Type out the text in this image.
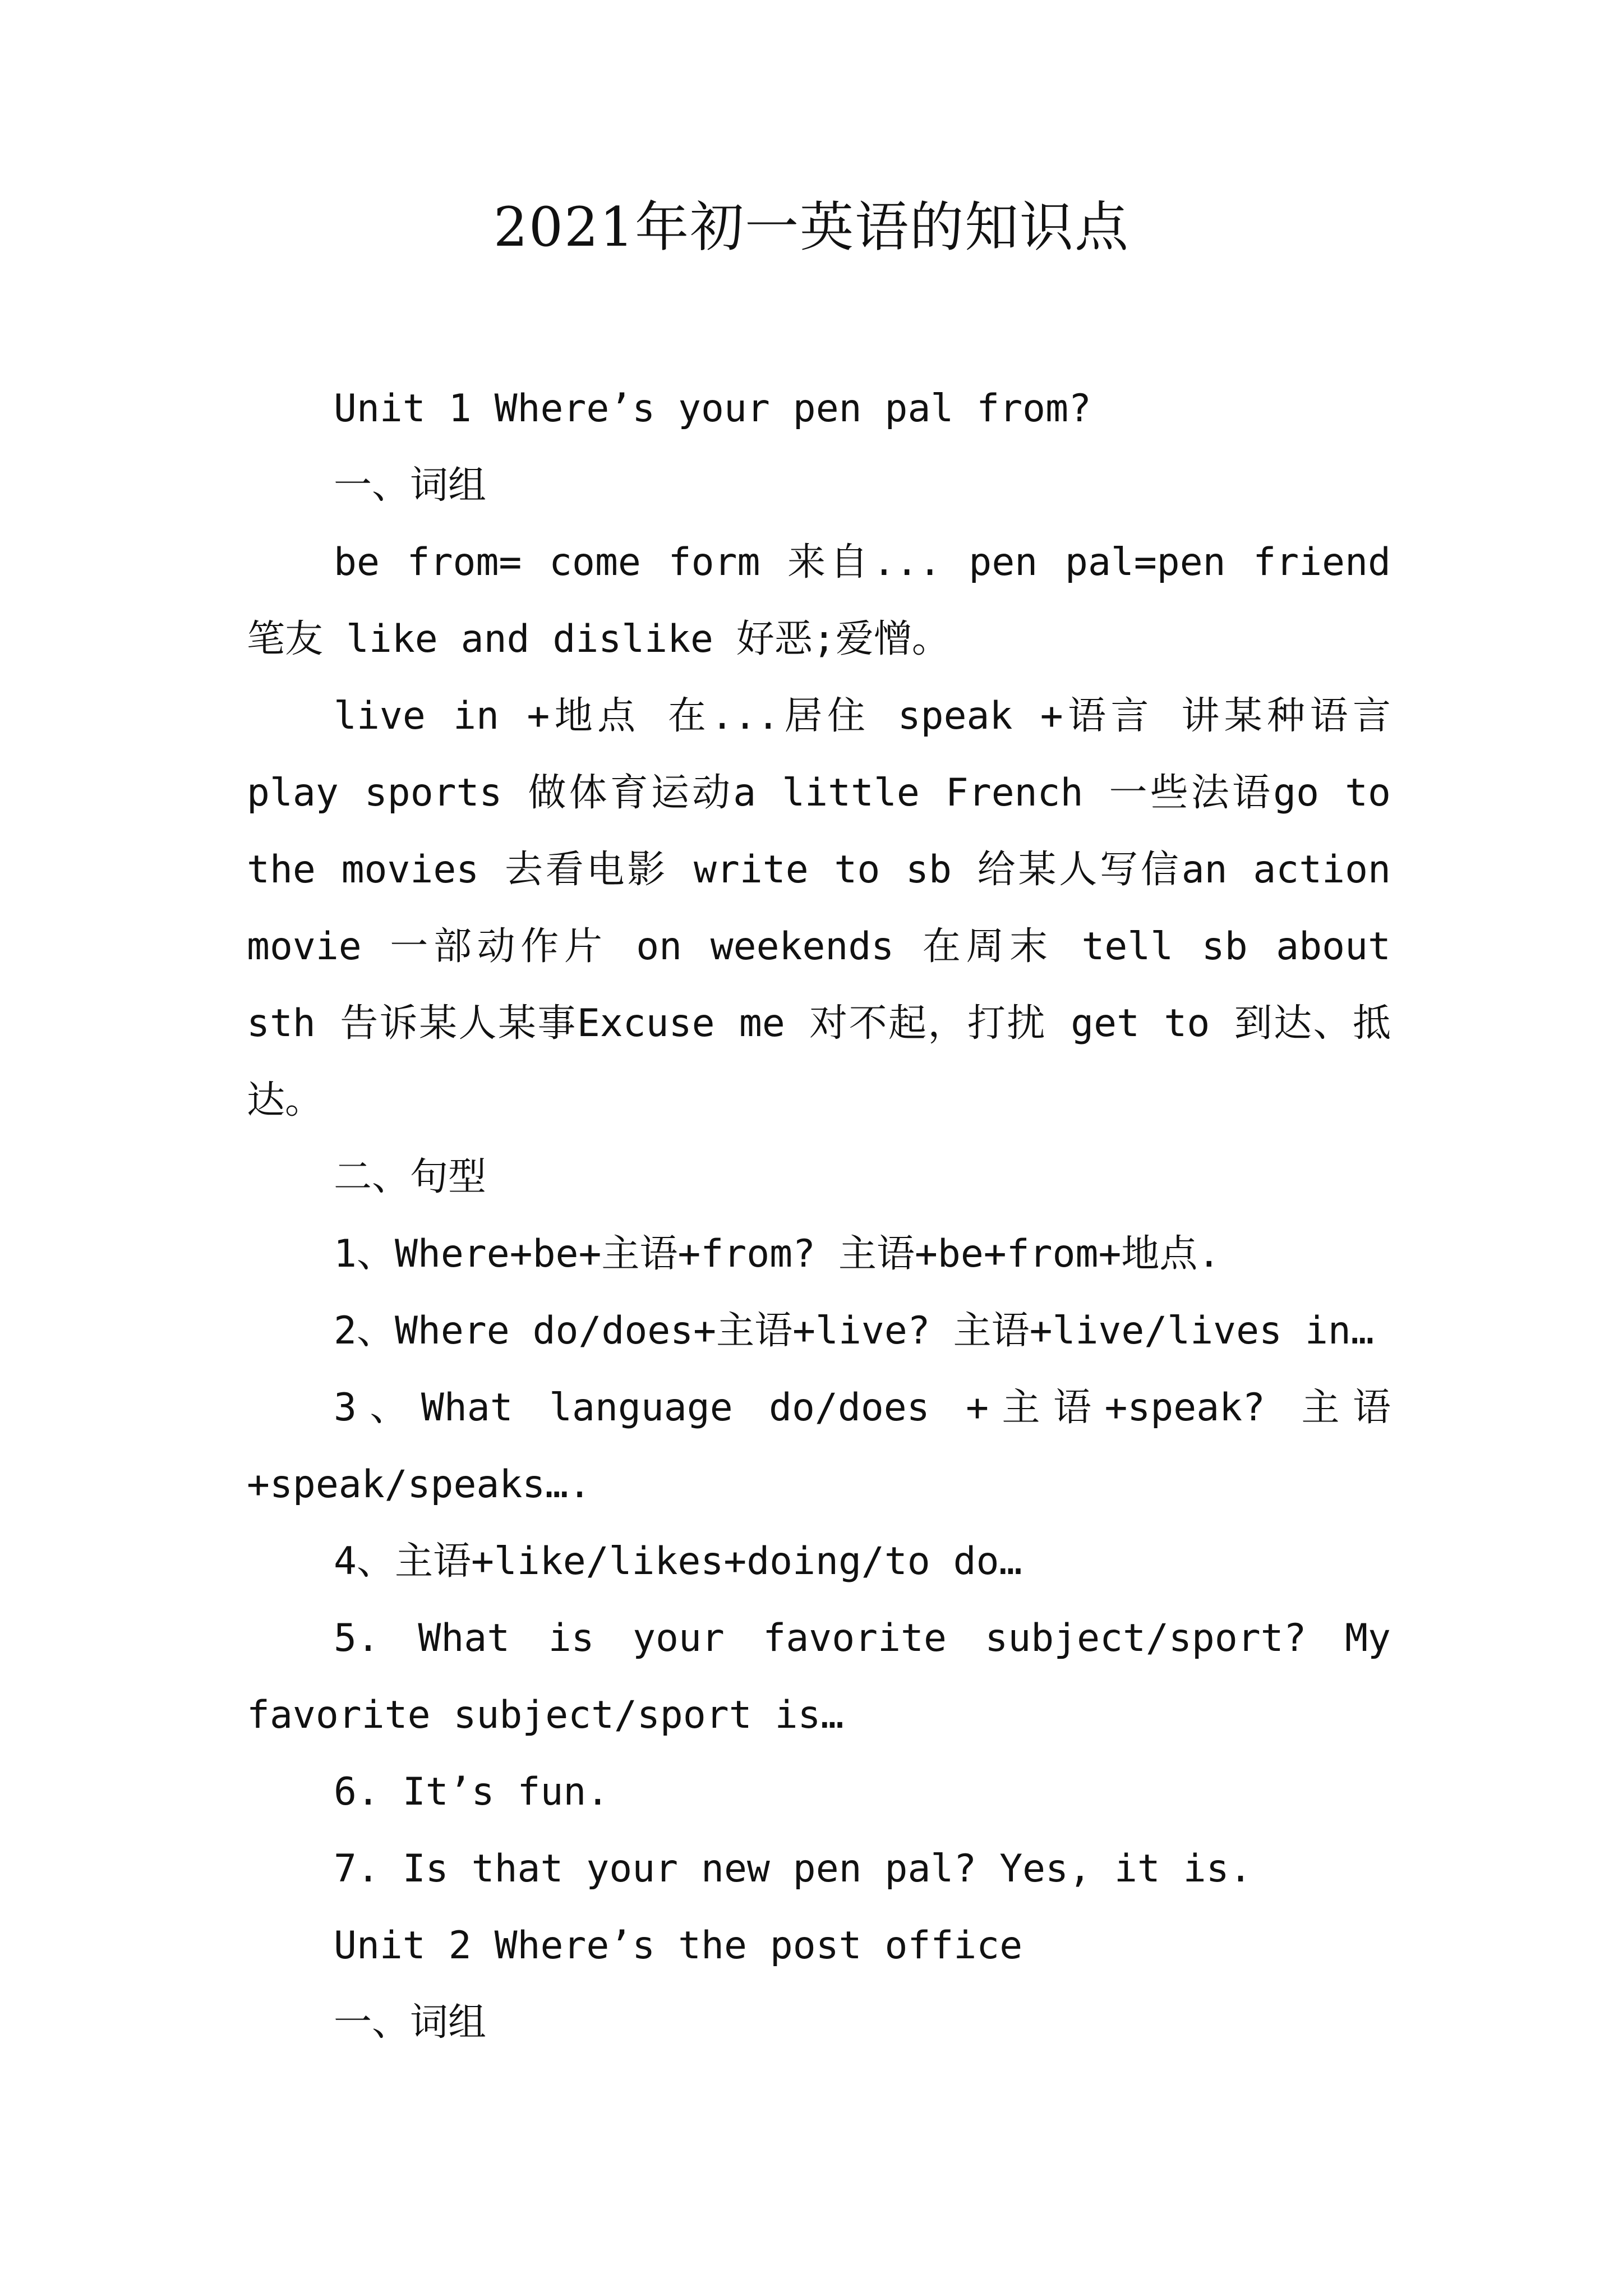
2021年初一英语的知识点

Unit 1 Where’s your pen pal from?

一、词组

be from= come form 来自... pen pal=pen friend 笔友 like and dislike 好恶;爱憎。

live in +地点 在...居住 speak +语言 讲某种语言 play sports 做体育运动a little French 一些法语go to the movies 去看电影 write to sb 给某人写信an action movie 一部动作片 on weekends 在周末 tell sb about sth 告诉某人某事Excuse me 对不起，打扰 get to 到达、抵达。

二、句型

1、Where+be+主语+from? 主语+be+from+地点.

2、Where do/does+主语+live? 主语+live/lives in…

3、What language do/does +主语+speak? 主语+speak/speaks….

4、主语+like/likes+doing/to do…

5. What is your favorite subject/sport? My favorite subject/sport is…

6. It’s fun.

7. Is that your new pen pal? Yes, it is.

Unit 2 Where’s the post office

一、词组
